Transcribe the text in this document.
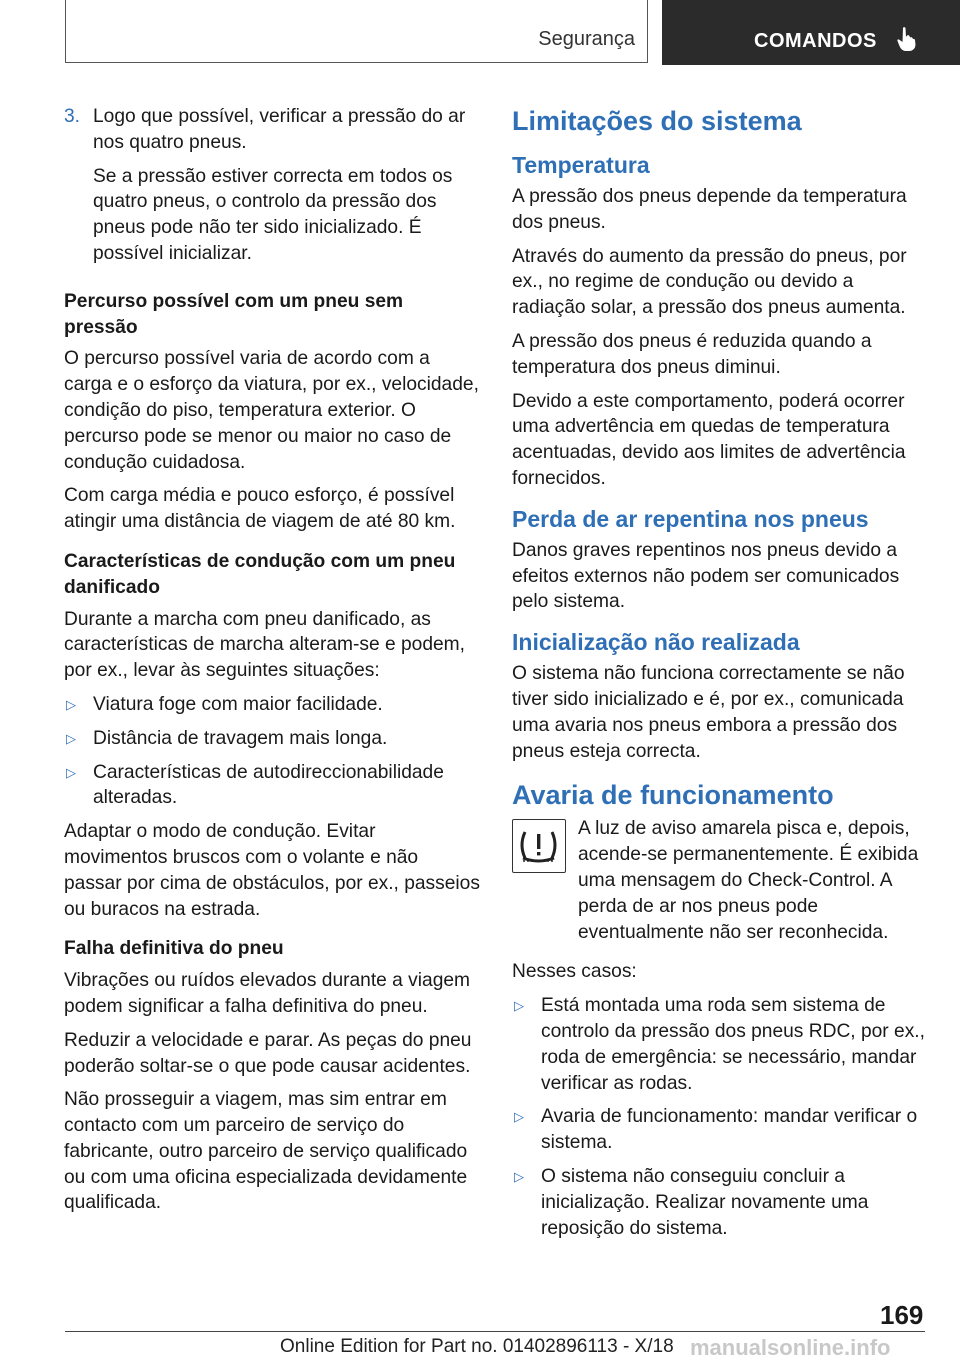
Segurança	COMANDOS
3. Logo que possível, verificar a pressão do ar nos quatro pneus.

Se a pressão estiver correcta em todos os quatro pneus, o controlo da pressão dos pneus pode não ter sido inicializado. É possível inicializar.

Percurso possível com um pneu sem pressão

O percurso possível varia de acordo com a carga e o esforço da viatura, por ex., velocidade, condição do piso, temperatura exterior. O percurso pode se menor ou maior no caso de condução cuidadosa.

Com carga média e pouco esforço, é possível atingir uma distância de viagem de até 80 km.

Características de condução com um pneu danificado

Durante a marcha com pneu danificado, as características de marcha alteram-se e podem, por ex., levar às seguintes situações:

▷ Viatura foge com maior facilidade.
▷ Distância de travagem mais longa.
▷ Características de autodireccionabilidade alteradas.

Adaptar o modo de condução. Evitar movimentos bruscos com o volante e não passar por cima de obstáculos, por ex., passeios ou buracos na estrada.

Falha definitiva do pneu

Vibrações ou ruídos elevados durante a viagem podem significar a falha definitiva do pneu.

Reduzir a velocidade e parar. As peças do pneu poderão soltar-se o que pode causar acidentes.

Não prosseguir a viagem, mas sim entrar em contacto com um parceiro de serviço do fabricante, outro parceiro de serviço qualificado ou com uma oficina especializada devidamente qualificada.

Limitações do sistema
Temperatura

A pressão dos pneus depende da temperatura dos pneus.

Através do aumento da pressão do pneus, por ex., no regime de condução ou devido a radiação solar, a pressão dos pneus aumenta.

A pressão dos pneus é reduzida quando a temperatura dos pneus diminui.

Devido a este comportamento, poderá ocorrer uma advertência em quedas de temperatura acentuadas, devido aos limites de advertência fornecidos.

Perda de ar repentina nos pneus

Danos graves repentinos nos pneus devido a efeitos externos não podem ser comunicados pelo sistema.

Inicialização não realizada

O sistema não funciona correctamente se não tiver sido inicializado e é, por ex., comunicada uma avaria nos pneus embora a pressão dos pneus esteja correcta.

Avaria de funcionamento

A luz de aviso amarela pisca e, depois, acende-se permanentemente. É exibida uma mensagem do Check-Control. A perda de ar nos pneus pode eventualmente não ser reconhecida.

Nesses casos:

▷ Está montada uma roda sem sistema de controlo da pressão dos pneus RDC, por ex., roda de emergência: se necessário, mandar verificar as rodas.
▷ Avaria de funcionamento: mandar verificar o sistema.
▷ O sistema não conseguiu concluir a inicialização. Realizar novamente uma reposição do sistema.
169
Online Edition for Part no. 01402896113 - X/18 manualsonline.info
